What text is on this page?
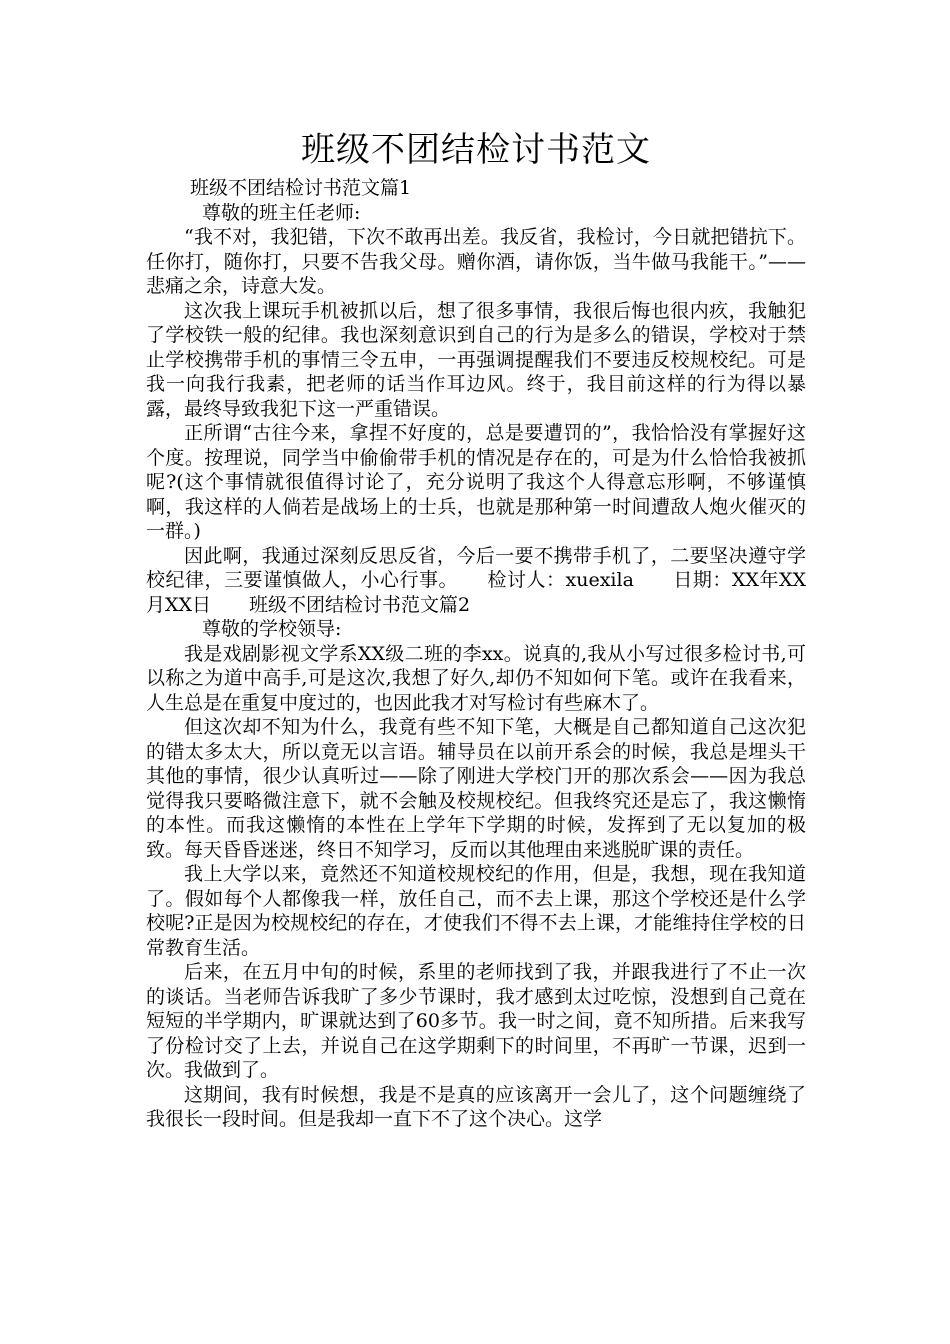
班级不团结检讨书范文

班级不团结检讨书范文篇1

尊敬的班主任老师:

“我不对，我犯错，下次不敢再出差。我反省，我检讨，今日就把错抗下。任你打，随你打，只要不告我父母。赠你酒，请你饭，当牛做马我能干。”——悲痛之余，诗意大发。

这次我上课玩手机被抓以后，想了很多事情，我很后悔也很内疚，我触犯了学校铁一般的纪律。我也深刻意识到自己的行为是多么的错误，学校对于禁止学校携带手机的事情三令五申，一再强调提醒我们不要违反校规校纪。可是我一向我行我素，把老师的话当作耳边风。终于，我目前这样的行为得以暴露，最终导致我犯下这一严重错误。

正所谓“古往今来，拿捏不好度的，总是要遭罚的”，我恰恰没有掌握好这个度。按理说，同学当中偷偷带手机的情况是存在的，可是为什么恰恰我被抓呢?(这个事情就很值得讨论了，充分说明了我这个人得意忘形啊，不够谨慎啊，我这样的人倘若是战场上的士兵，也就是那种第一时间遭敌人炮火催灭的一群。)

因此啊，我通过深刻反思反省，今后一要不携带手机了，二要坚决遵守学校纪律，三要谨慎做人，小心行事。　　检讨人：xuexila　　日期：XX年XX月XX日　　班级不团结检讨书范文篇2

尊敬的学校领导:

我是戏剧影视文学系XX级二班的李xx。说真的,我从小写过很多检讨书,可以称之为道中高手,可是这次,我想了好久,却仍不知如何下笔。或许在我看来，人生总是在重复中度过的，也因此我才对写检讨有些麻木了。

但这次却不知为什么，我竟有些不知下笔，大概是自己都知道自己这次犯的错太多太大，所以竟无以言语。辅导员在以前开系会的时候，我总是埋头干其他的事情，很少认真听过——除了刚进大学校门开的那次系会——因为我总觉得我只要略微注意下，就不会触及校规校纪。但我终究还是忘了，我这懒惰的本性。而我这懒惰的本性在上学年下学期的时候，发挥到了无以复加的极致。每天昏昏迷迷，终日不知学习，反而以其他理由来逃脱旷课的责任。

我上大学以来，竟然还不知道校规校纪的作用，但是，我想，现在我知道了。假如每个人都像我一样，放任自己，而不去上课，那这个学校还是什么学校呢?正是因为校规校纪的存在，才使我们不得不去上课，才能维持住学校的日常教育生活。

后来，在五月中旬的时候，系里的老师找到了我，并跟我进行了不止一次的谈话。当老师告诉我旷了多少节课时，我才感到太过吃惊，没想到自己竟在短短的半学期内，旷课就达到了60多节。我一时之间，竟不知所措。后来我写了份检讨交了上去，并说自己在这学期剩下的时间里，不再旷一节课，迟到一次。我做到了。

这期间，我有时候想，我是不是真的应该离开一会儿了，这个问题缠绕了我很长一段时间。但是我却一直下不了这个决心。这学
